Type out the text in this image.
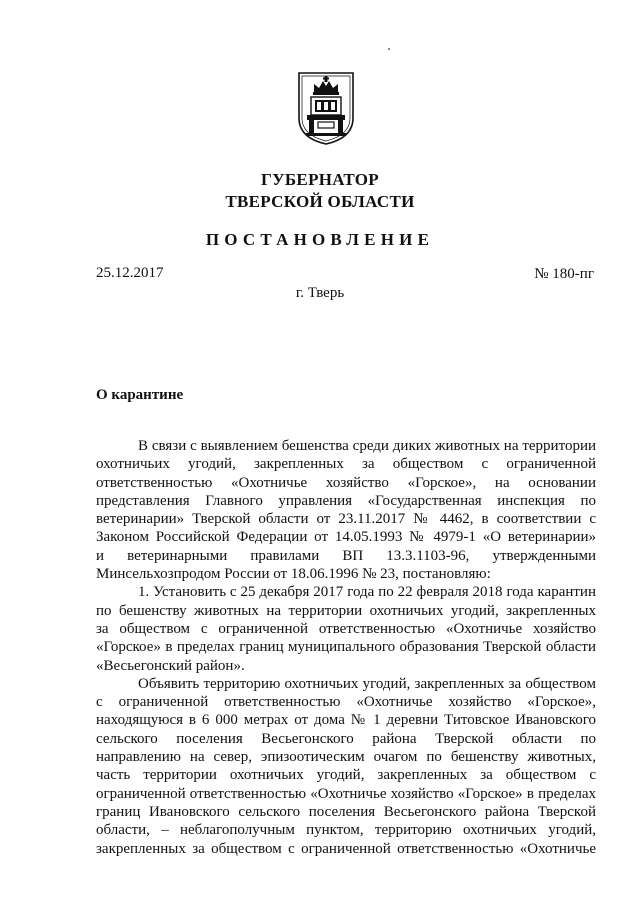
ГУБЕРНАТОР
ТВЕРСКОЙ ОБЛАСТИ
ПОСТАНОВЛЕНИЕ
25.12.2017	№ 180-пг
г. Тверь
О карантине
В связи с выявлением бешенства среди диких животных на территории
охотничьих угодий, закрепленных за обществом с ограниченной
ответственностью «Охотничье хозяйство «Горское», на основании
представления Главного управления «Государственная инспекция по
ветеринарии» Тверской области от 23.11.2017 № 4462, в соответствии с
Законом Российской Федерации от 14.05.1993 № 4979-1 «О ветеринарии»
и ветеринарными правилами ВП 13.3.1103-96, утвержденными
Минсельхозпродом России от 18.06.1996 № 23, постановляю:
1. Установить с 25 декабря 2017 года по 22 февраля 2018 года карантин
по бешенству животных на территории охотничьих угодий, закрепленных
за обществом с ограниченной ответственностью «Охотничье хозяйство
«Горское» в пределах границ муниципального образования Тверской области
«Весьегонский район».
Объявить территорию охотничьих угодий, закрепленных за обществом
с ограниченной ответственностью «Охотничье хозяйство «Горское»,
находящуюся в 6 000 метрах от дома № 1 деревни Титовское Ивановского
сельского поселения Весьегонского района Тверской области по
направлению на север, эпизоотическим очагом по бешенству животных,
часть территории охотничьих угодий, закрепленных за обществом с
ограниченной ответственностью «Охотничье хозяйство «Горское» в пределах
границ Ивановского сельского поселения Весьегонского района Тверской
области, – неблагополучным пунктом, территорию охотничьих угодий,
закрепленных за обществом с ограниченной ответственностью «Охотничье
